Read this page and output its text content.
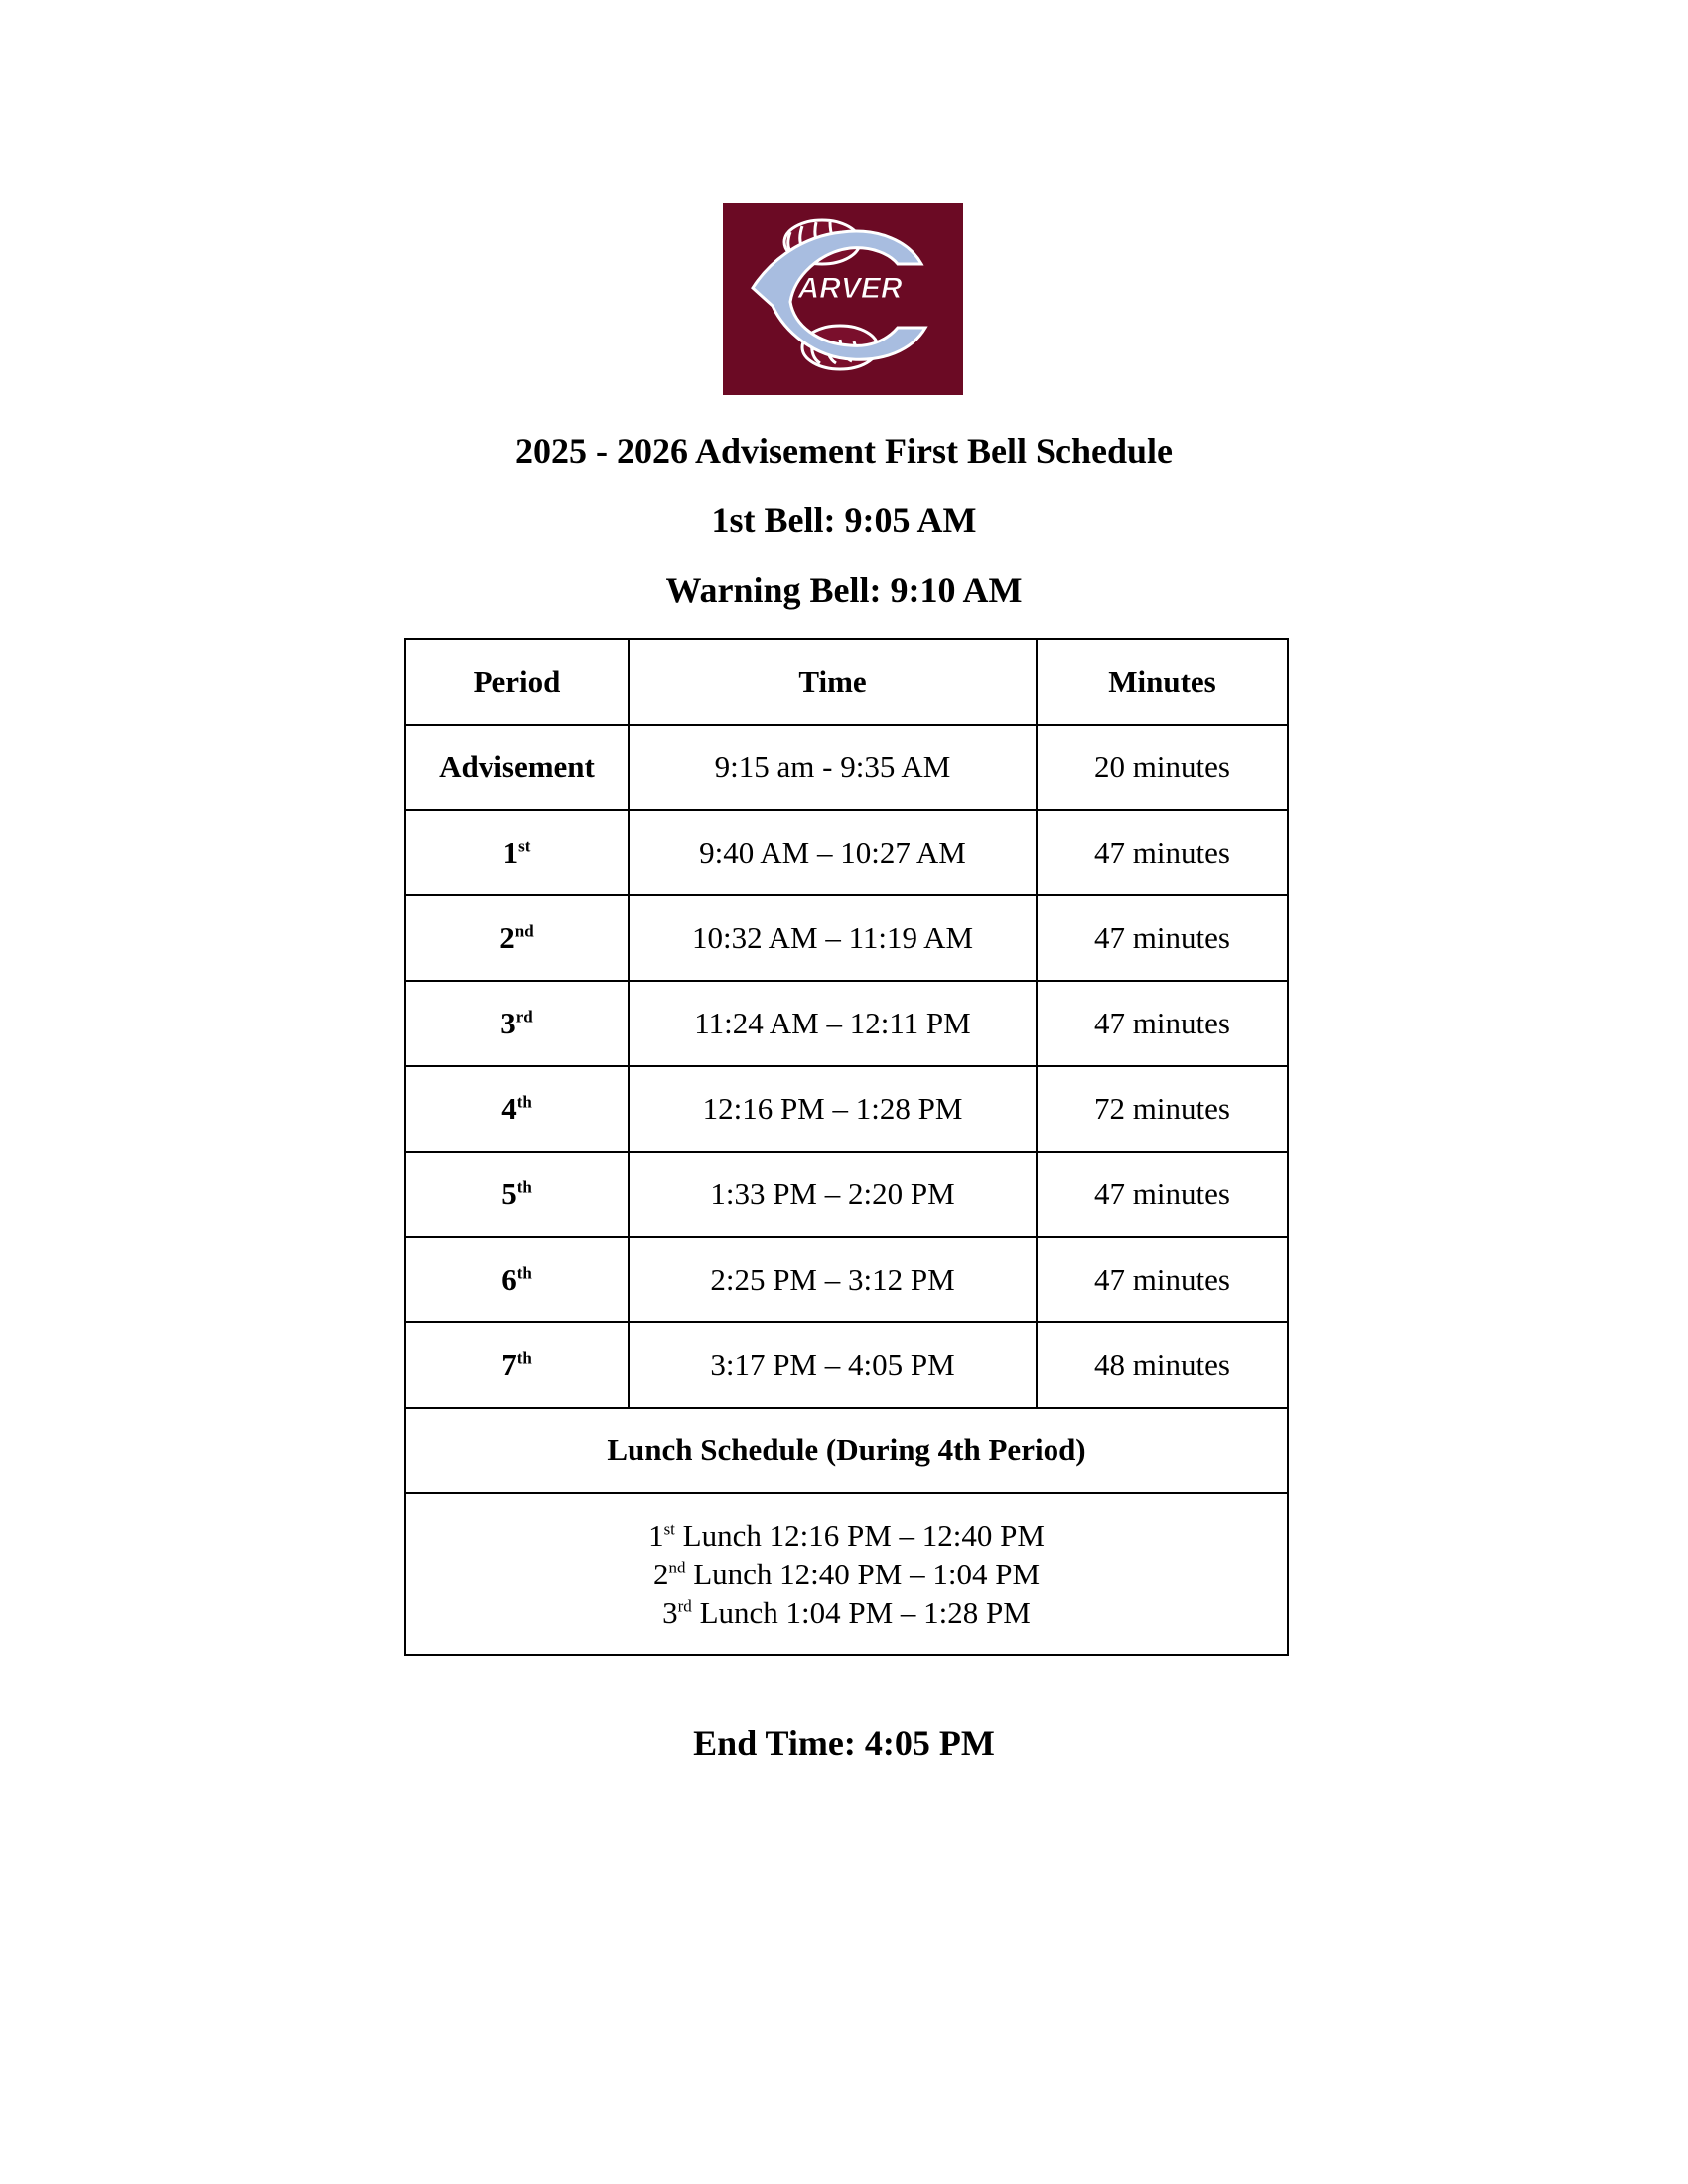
ARVER
2025 - 2026 Advisement First Bell Schedule
1st Bell: 9:05 AM
Warning Bell: 9:10 AM
Period	Time	Minutes
Advisement	9:15 am - 9:35 AM	20 minutes
1st	9:40 AM – 10:27 AM	47 minutes
2nd	10:32 AM – 11:19 AM	47 minutes
3rd	11:24 AM – 12:11 PM	47 minutes
4th	12:16 PM – 1:28 PM	72 minutes
5th	1:33 PM – 2:20 PM	47 minutes
6th	2:25 PM – 3:12 PM	47 minutes
7th	3:17 PM – 4:05 PM	48 minutes
Lunch Schedule (During 4th Period)		

1st Lunch 12:16 PM – 12:40 PM
2nd Lunch 12:40 PM – 1:04 PM
3rd Lunch 1:04 PM – 1:28 PM		
End Time: 4:05 PM
